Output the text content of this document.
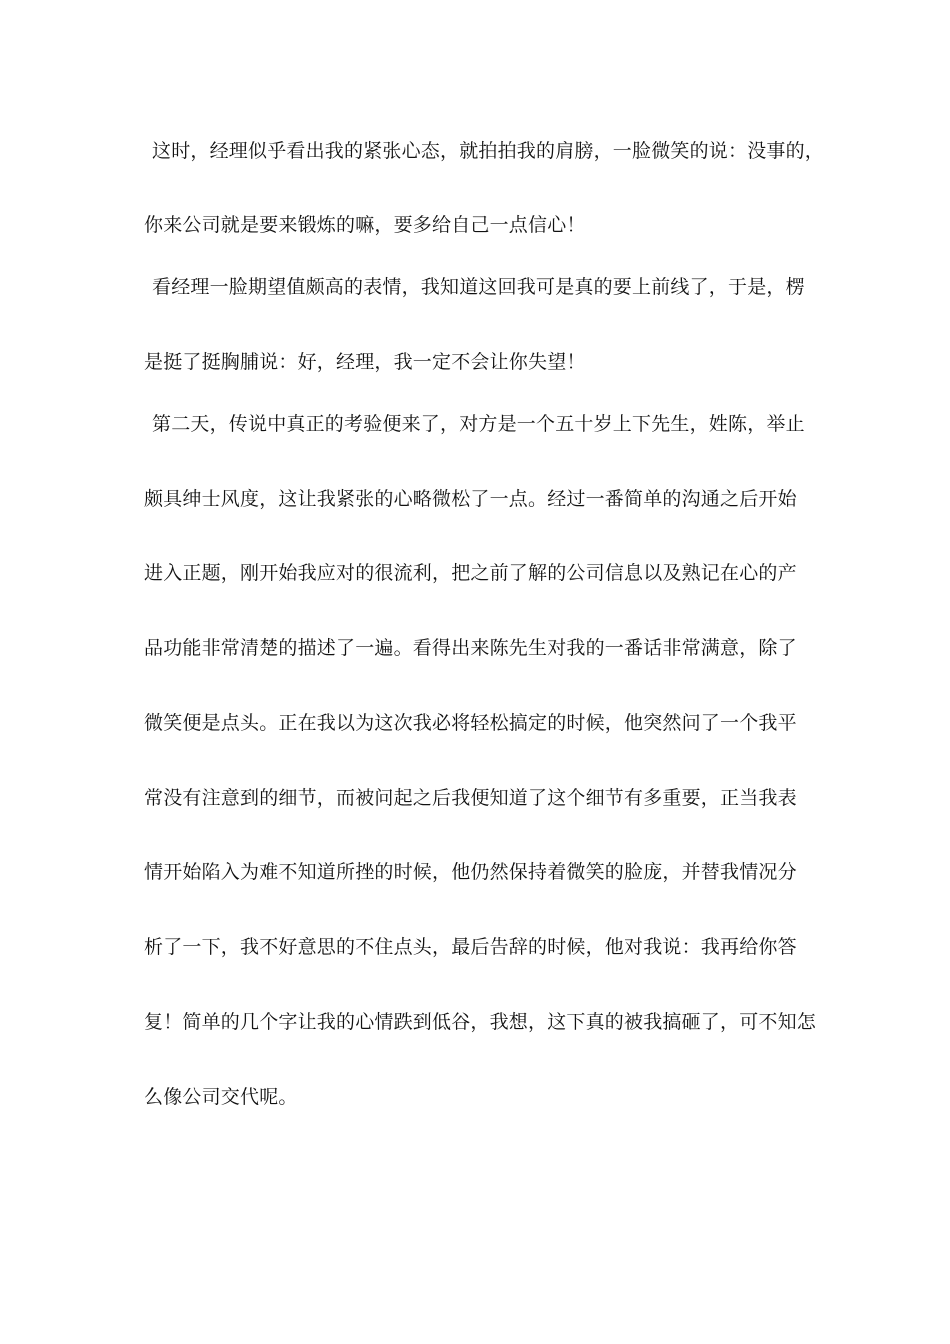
这时，经理似乎看出我的紧张心态，就拍拍我的肩膀，一脸微笑的说：没事的，
你来公司就是要来锻炼的嘛，要多给自己一点信心！
看经理一脸期望值颇高的表情，我知道这回我可是真的要上前线了，于是，楞
是挺了挺胸脯说：好，经理，我一定不会让你失望！
第二天，传说中真正的考验便来了，对方是一个五十岁上下先生，姓陈，举止
颇具绅士风度，这让我紧张的心略微松了一点。经过一番简单的沟通之后开始
进入正题，刚开始我应对的很流利，把之前了解的公司信息以及熟记在心的产
品功能非常清楚的描述了一遍。看得出来陈先生对我的一番话非常满意，除了
微笑便是点头。正在我以为这次我必将轻松搞定的时候，他突然问了一个我平
常没有注意到的细节，而被问起之后我便知道了这个细节有多重要，正当我表
情开始陷入为难不知道所挫的时候，他仍然保持着微笑的脸庞，并替我情况分
析了一下，我不好意思的不住点头，最后告辞的时候，他对我说：我再给你答
复！简单的几个字让我的心情跌到低谷，我想，这下真的被我搞砸了，可不知怎
么像公司交代呢。
